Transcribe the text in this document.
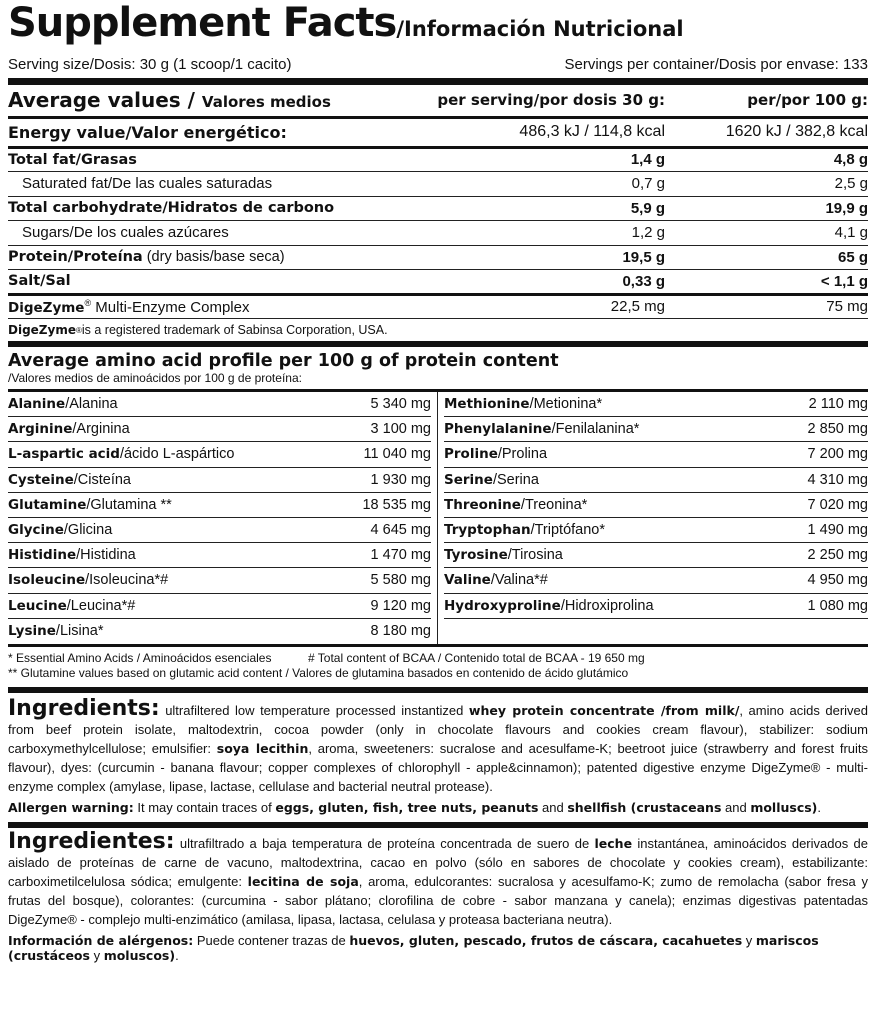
Supplement Facts/Información Nutricional
Serving size/Dosis: 30 g (1 scoop/1 cacito)	Servings per container/Dosis por envase: 133
Average values / Valores medios	per serving/por dosis 30 g:	per/por 100 g:
Energy value/Valor energético:	486,3 kJ / 114,8 kcal	1620 kJ / 382,8 kcal
Total fat/Grasas	1,4 g	4,8 g
Saturated fat/De las cuales saturadas	0,7 g	2,5 g
Total carbohydrate/Hidratos de carbono	5,9 g	19,9 g
Sugars/De los cuales azúcares	1,2 g	4,1 g
Protein/Proteína (dry basis/base seca)	19,5 g	65 g
Salt/Sal	0,33 g	< 1,1 g
DigeZyme® Multi-Enzyme Complex	22,5 mg	75 mg
DigeZyme ® is a registered trademark of Sabinsa Corporation, USA.
Average amino acid profile per 100 g of protein content
/Valores medios de aminoácidos por 100 g de proteína:
Alanine/Alanina	5 340 mg
Arginine/Arginina	3 100 mg
L-aspartic acid/ácido L-aspártico	11 040 mg
Cysteine/Cisteína	1 930 mg
Glutamine/Glutamina **	18 535 mg
Glycine/Glicina	4 645 mg
Histidine/Histidina	1 470 mg
Isoleucine/Isoleucina*#	5 580 mg
Leucine/Leucina*#	9 120 mg
Lysine/Lisina*	8 180 mg
Methionine/Metionina*	2 110 mg
Phenylalanine/Fenilalanina*	2 850 mg
Proline/Prolina	7 200 mg
Serine/Serina	4 310 mg
Threonine/Treonina*	7 020 mg
Tryptophan/Triptófano*	1 490 mg
Tyrosine/Tirosina	2 250 mg
Valine/Valina*#	4 950 mg
Hydroxyproline/Hidroxiprolina	1 080 mg
* Essential Amino Acids / Aminoácidos esenciales	# Total content of BCAA / Contenido total de BCAA - 19 650 mg
** Glutamine values based on glutamic acid content / Valores de glutamina basados en contenido de ácido glutámico
Ingredients: ultrafiltered low temperature processed instantized whey protein concentrate /from milk/, amino acids derived from beef protein isolate, maltodextrin, cocoa powder (only in chocolate flavours and cookies cream flavour), stabilizer: sodium carboxymethylcellulose; emulsifier: soya lecithin, aroma, sweeteners: sucralose and acesulfame-K; beetroot juice (strawberry and forest fruits flavour), dyes: (curcumin - banana flavour; copper complexes of chlorophyll - apple&cinnamon); patented digestive enzyme DigeZyme® - multi-enzyme complex (amylase, lipase, lactase, cellulase and bacterial neutral protease).
Allergen warning: It may contain traces of eggs, gluten, fish, tree nuts, peanuts and shellfish (crustaceans and molluscs).
Ingredientes: ultrafiltrado a baja temperatura de proteína concentrada de suero de leche instantánea, aminoácidos derivados de aislado de proteínas de carne de vacuno, maltodextrina, cacao en polvo (sólo en sabores de chocolate y cookies cream), estabilizante: carboximetilcelulosa sódica; emulgente: lecitina de soja, aroma, edulcorantes: sucralosa y acesulfamo-K; zumo de remolacha (sabor fresa y frutas del bosque), colorantes: (curcumina - sabor plátano; clorofilina de cobre - sabor manzana y canela); enzimas digestivas patentadas DigeZyme® - complejo multi-enzimático (amilasa, lipasa, lactasa, celulasa y proteasa bacteriana neutra).
Información de alérgenos: Puede contener trazas de huevos, gluten, pescado, frutos de cáscara, cacahuetes y mariscos (crustáceos y moluscos).
